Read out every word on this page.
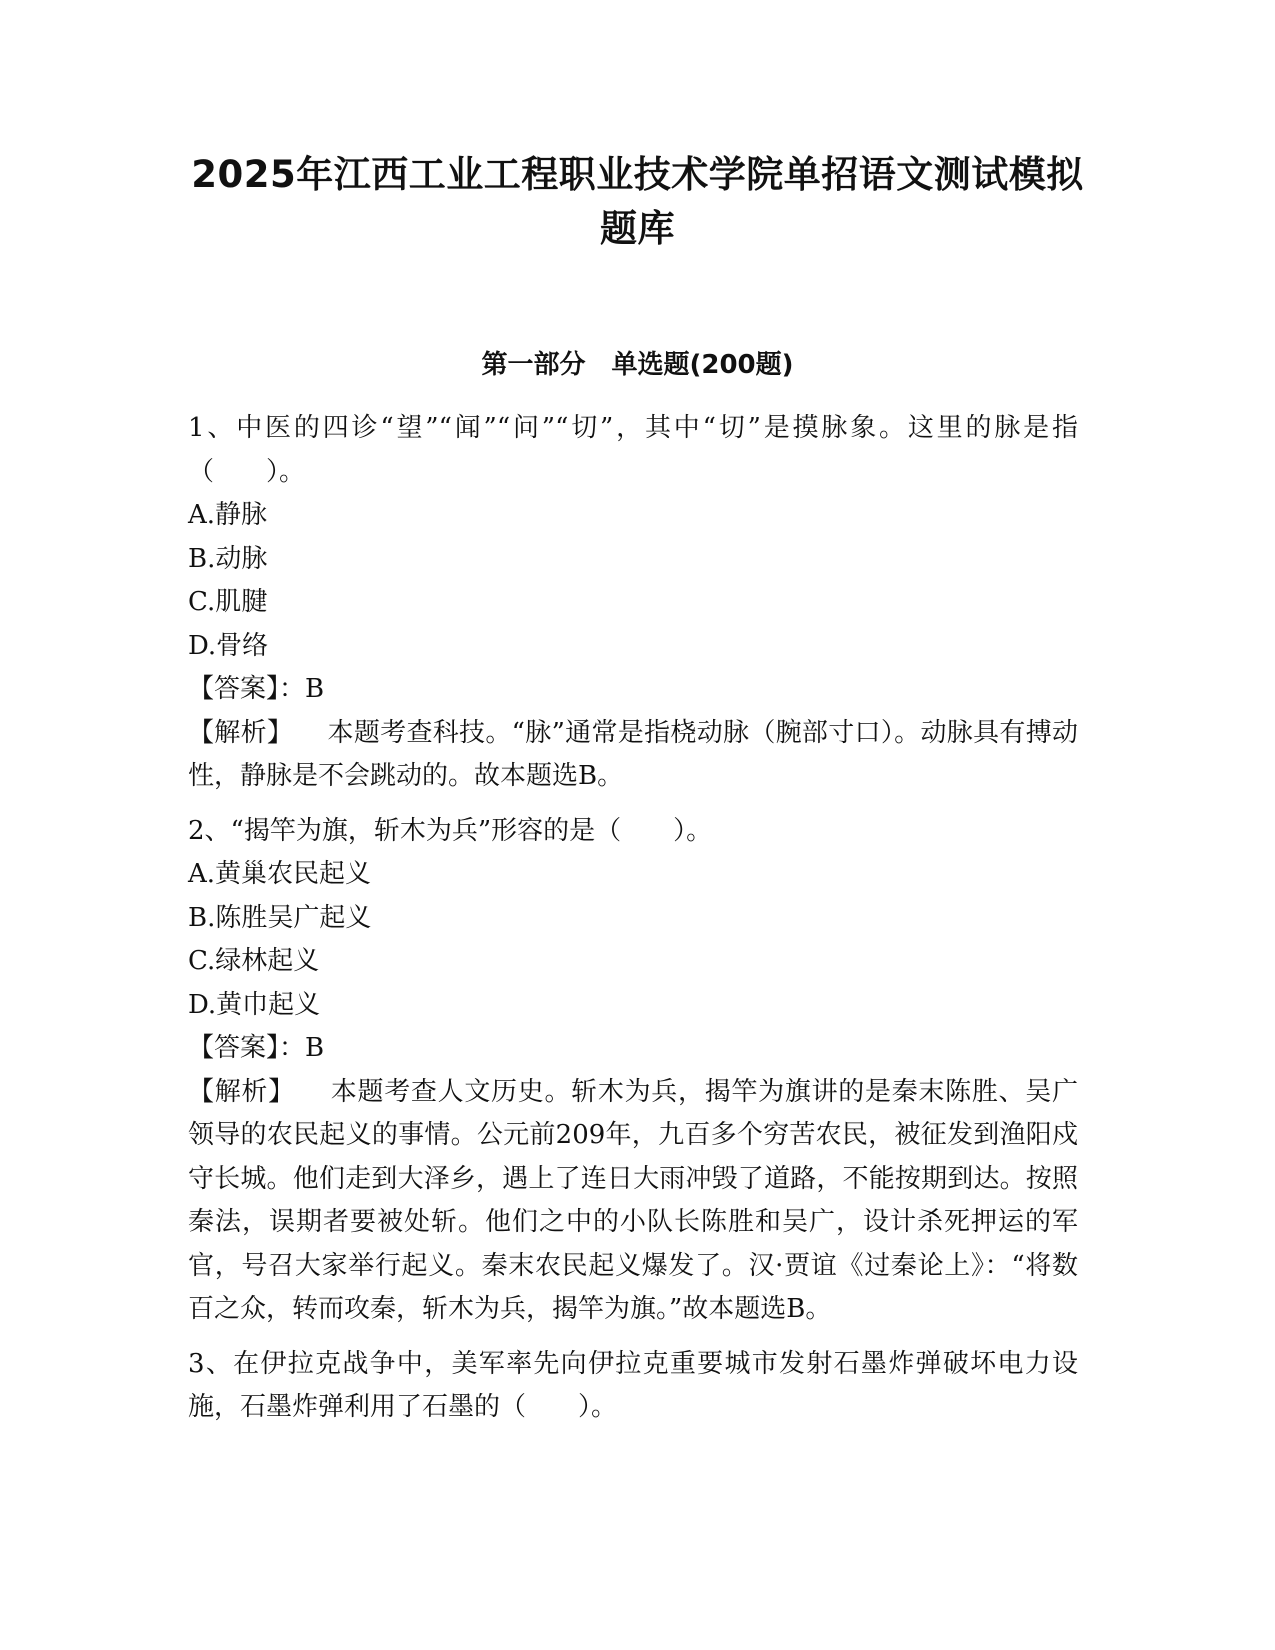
2025年江西工业工程职业技术学院单招语文测试模拟
题库
第一部分　单选题(200题)

1、中医的四诊“望”“闻”“问”“切”，其中“切”是摸脉象。这里的脉是指（　　）。

A.静脉
B.动脉
C.肌腱
D.骨络
【答案】：B

【解析】 本题考查科技。“脉”通常是指桡动脉（腕部寸口）。动脉具有搏动性，静脉是不会跳动的。故本题选B。

2、“揭竿为旗，斩木为兵”形容的是（　　）。

A.黄巢农民起义
B.陈胜吴广起义
C.绿林起义
D.黄巾起义
【答案】：B

【解析】 本题考查人文历史。斩木为兵，揭竿为旗讲的是秦末陈胜、吴广领导的农民起义的事情。公元前209年，九百多个穷苦农民，被征发到渔阳戍守长城。他们走到大泽乡，遇上了连日大雨冲毁了道路，不能按期到达。按照秦法，误期者要被处斩。他们之中的小队长陈胜和吴广，设计杀死押运的军官，号召大家举行起义。秦末农民起义爆发了。汉·贾谊《过秦论上》：“将数百之众，转而攻秦，斩木为兵，揭竿为旗。”故本题选B。

3、在伊拉克战争中，美军率先向伊拉克重要城市发射石墨炸弹破坏电力设施，石墨炸弹利用了石墨的（　　）。
